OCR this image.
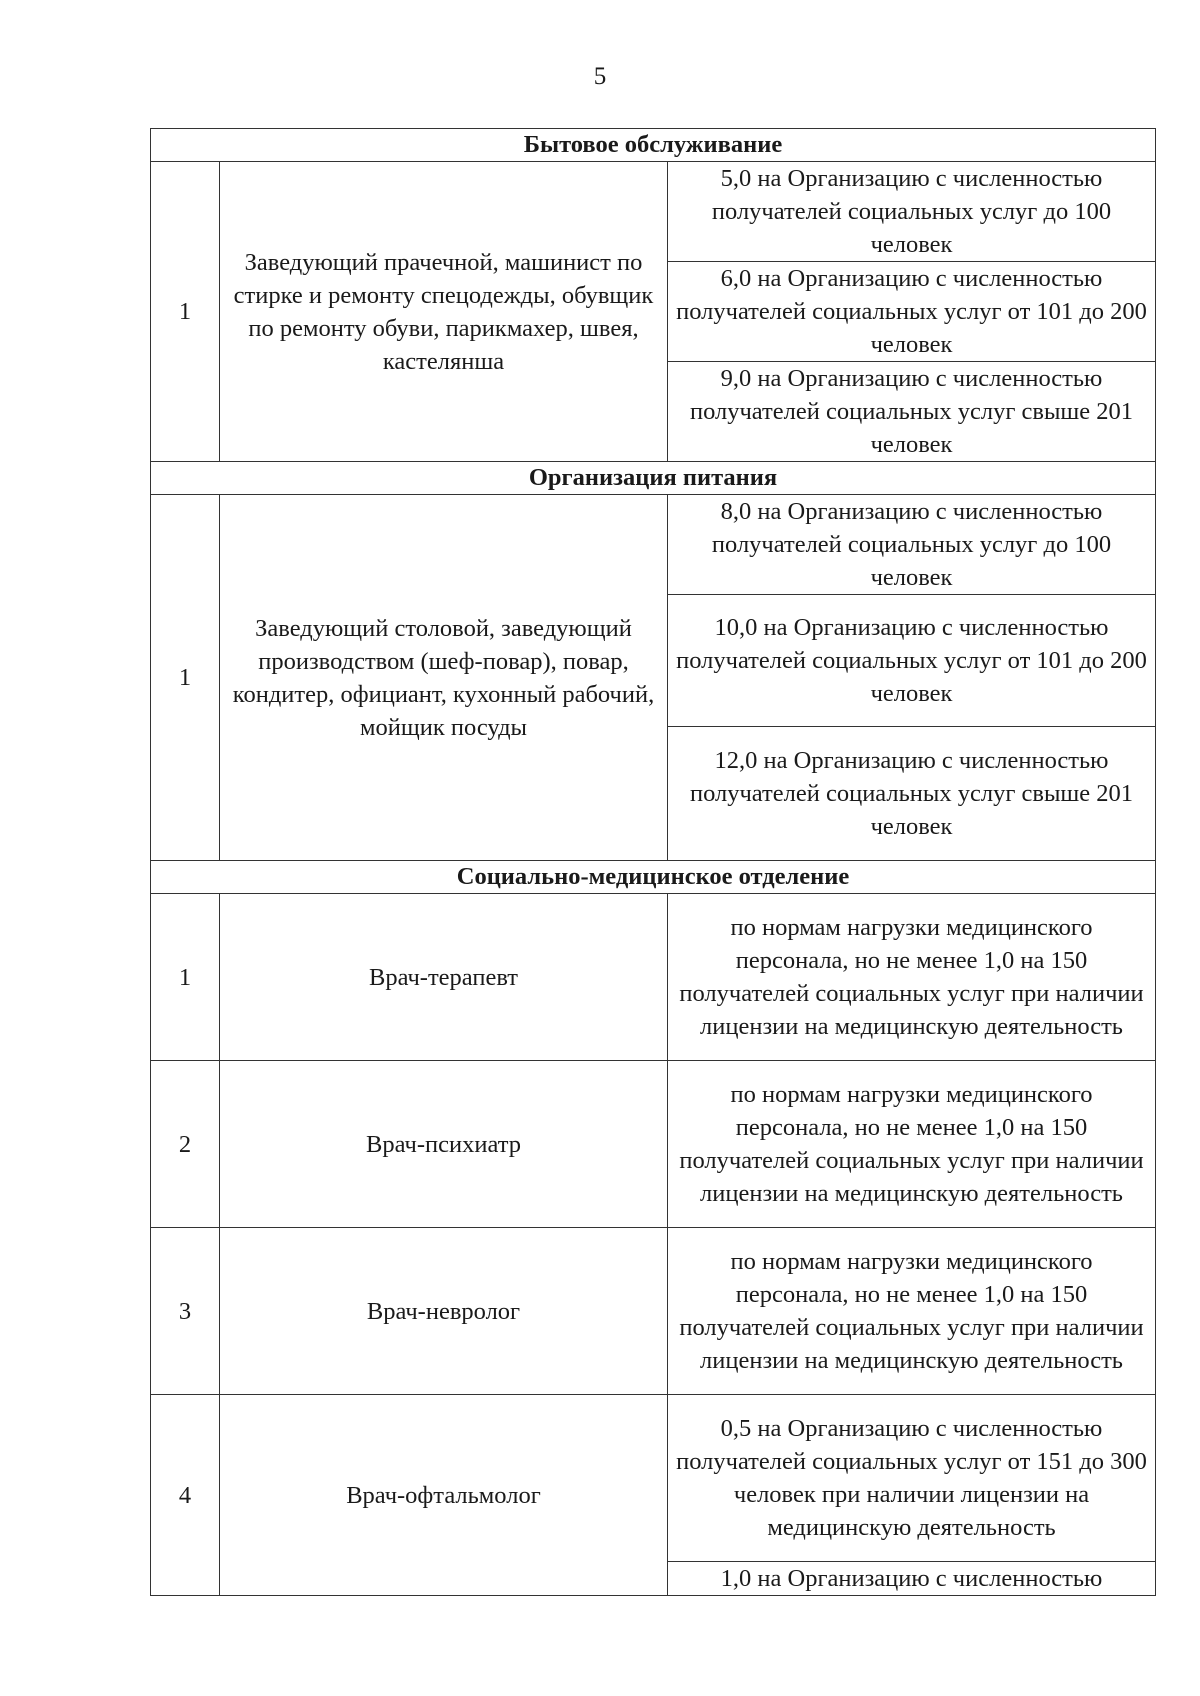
5
Бытовое обслуживание		
1	Заведующий прачечной, машинист по стирке и ремонту спецодежды, обувщик по ремонту обуви, парикмахер, швея, кастелянша	5,0 на Организацию с численностью получателей социальных услуг до 100 человек
		6,0 на Организацию с численностью получателей социальных услуг от 101 до 200 человек
		9,0 на Организацию с численностью получателей социальных услуг свыше 201 человек
Организация питания		
1	Заведующий столовой, заведующий производством (шеф-повар), повар, кондитер, официант, кухонный рабочий, мойщик посуды	8,0 на Организацию с численностью получателей социальных услуг до 100 человек
		10,0 на Организацию с численностью получателей социальных услуг от 101 до 200 человек
		12,0 на Организацию с численностью получателей социальных услуг свыше 201 человек
Социально-медицинское отделение		
1	Врач-терапевт	по нормам нагрузки медицинского персонала, но не менее 1,0 на 150 получателей социальных услуг при наличии лицензии на медицинскую деятельность
2	Врач-психиатр	по нормам нагрузки медицинского персонала, но не менее 1,0 на 150 получателей социальных услуг при наличии лицензии на медицинскую деятельность
3	Врач-невролог	по нормам нагрузки медицинского персонала, но не менее 1,0 на 150 получателей социальных услуг при наличии лицензии на медицинскую деятельность
4	Врач-офтальмолог	0,5 на Организацию с численностью получателей социальных услуг от 151 до 300 человек при наличии лицензии на медицинскую деятельность
		1,0 на Организацию с численностью
